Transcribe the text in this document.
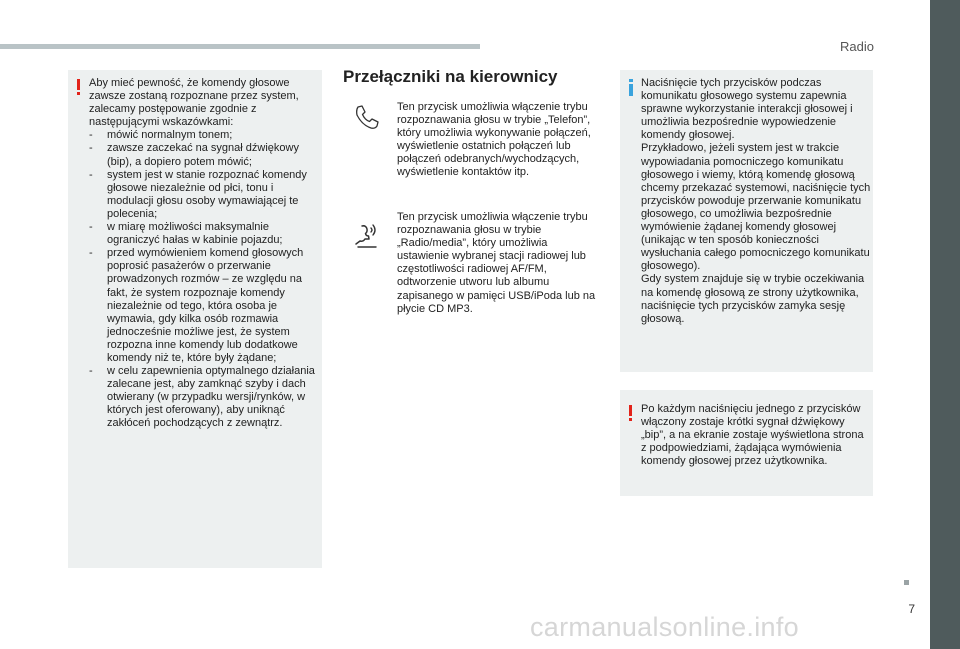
Radio
7
carmanualsonline.info

Aby mieć pewność, że komendy głosowe zawsze zostaną rozpoznane przez system, zalecamy postępowanie zgodnie z następującymi wskazówkami:

- mówić normalnym tonem;
- zawsze zaczekać na sygnał dźwiękowy (bip), a dopiero potem mówić;
- system jest w stanie rozpoznać komendy głosowe niezależnie od płci, tonu i modulacji głosu osoby wymawiającej te polecenia;
- w miarę możliwości maksymalnie ograniczyć hałas w kabinie pojazdu;
- przed wymówieniem komend głosowych poprosić pasażerów o przerwanie prowadzonych rozmów – ze względu na fakt, że system rozpoznaje komendy niezależnie od tego, która osoba je wymawia, gdy kilka osób rozmawia jednocześnie możliwe jest, że system rozpozna inne komendy lub dodatkowe komendy niż te, które były żądane;
- w celu zapewnienia optymalnego działania zalecane jest, aby zamknąć szyby i dach otwierany (w przypadku wersji/rynków, w których jest oferowany), aby uniknąć zakłóceń pochodzących z zewnątrz.
Przełączniki na kierownicy
Ten przycisk umożliwia włączenie trybu rozpoznawania głosu w trybie „Telefon”, który umożliwia wykonywanie połączeń, wyświetlenie ostatnich połączeń lub połączeń odebranych/wychodzących, wyświetlenie kontaktów itp.
Ten przycisk umożliwia włączenie trybu rozpoznawania głosu w trybie „Radio/media”, który umożliwia ustawienie wybranej stacji radiowej lub częstotliwości radiowej AF/FM, odtworzenie utworu lub albumu zapisanego w pamięci USB/iPoda lub na płycie CD MP3.
Naciśnięcie tych przycisków podczas komunikatu głosowego systemu zapewnia sprawne wykorzystanie interakcji głosowej i umożliwia bezpośrednie wypowiedzenie komendy głosowej.
Przykładowo, jeżeli system jest w trakcie wypowiadania pomocniczego komunikatu głosowego i wiemy, którą komendę głosową chcemy przekazać systemowi, naciśnięcie tych przycisków powoduje przerwanie komunikatu głosowego, co umożliwia bezpośrednie wymówienie żądanej komendy głosowej (unikając w ten sposób konieczności wysłuchania całego pomocniczego komunikatu głosowego).
Gdy system znajduje się w trybie oczekiwania na komendę głosową ze strony użytkownika, naciśnięcie tych przycisków zamyka sesję głosową.
Po każdym naciśnięciu jednego z przycisków włączony zostaje krótki sygnał dźwiękowy „bip”, a na ekranie zostaje wyświetlona strona z podpowiedziami, żądająca wymówienia komendy głosowej przez użytkownika.
